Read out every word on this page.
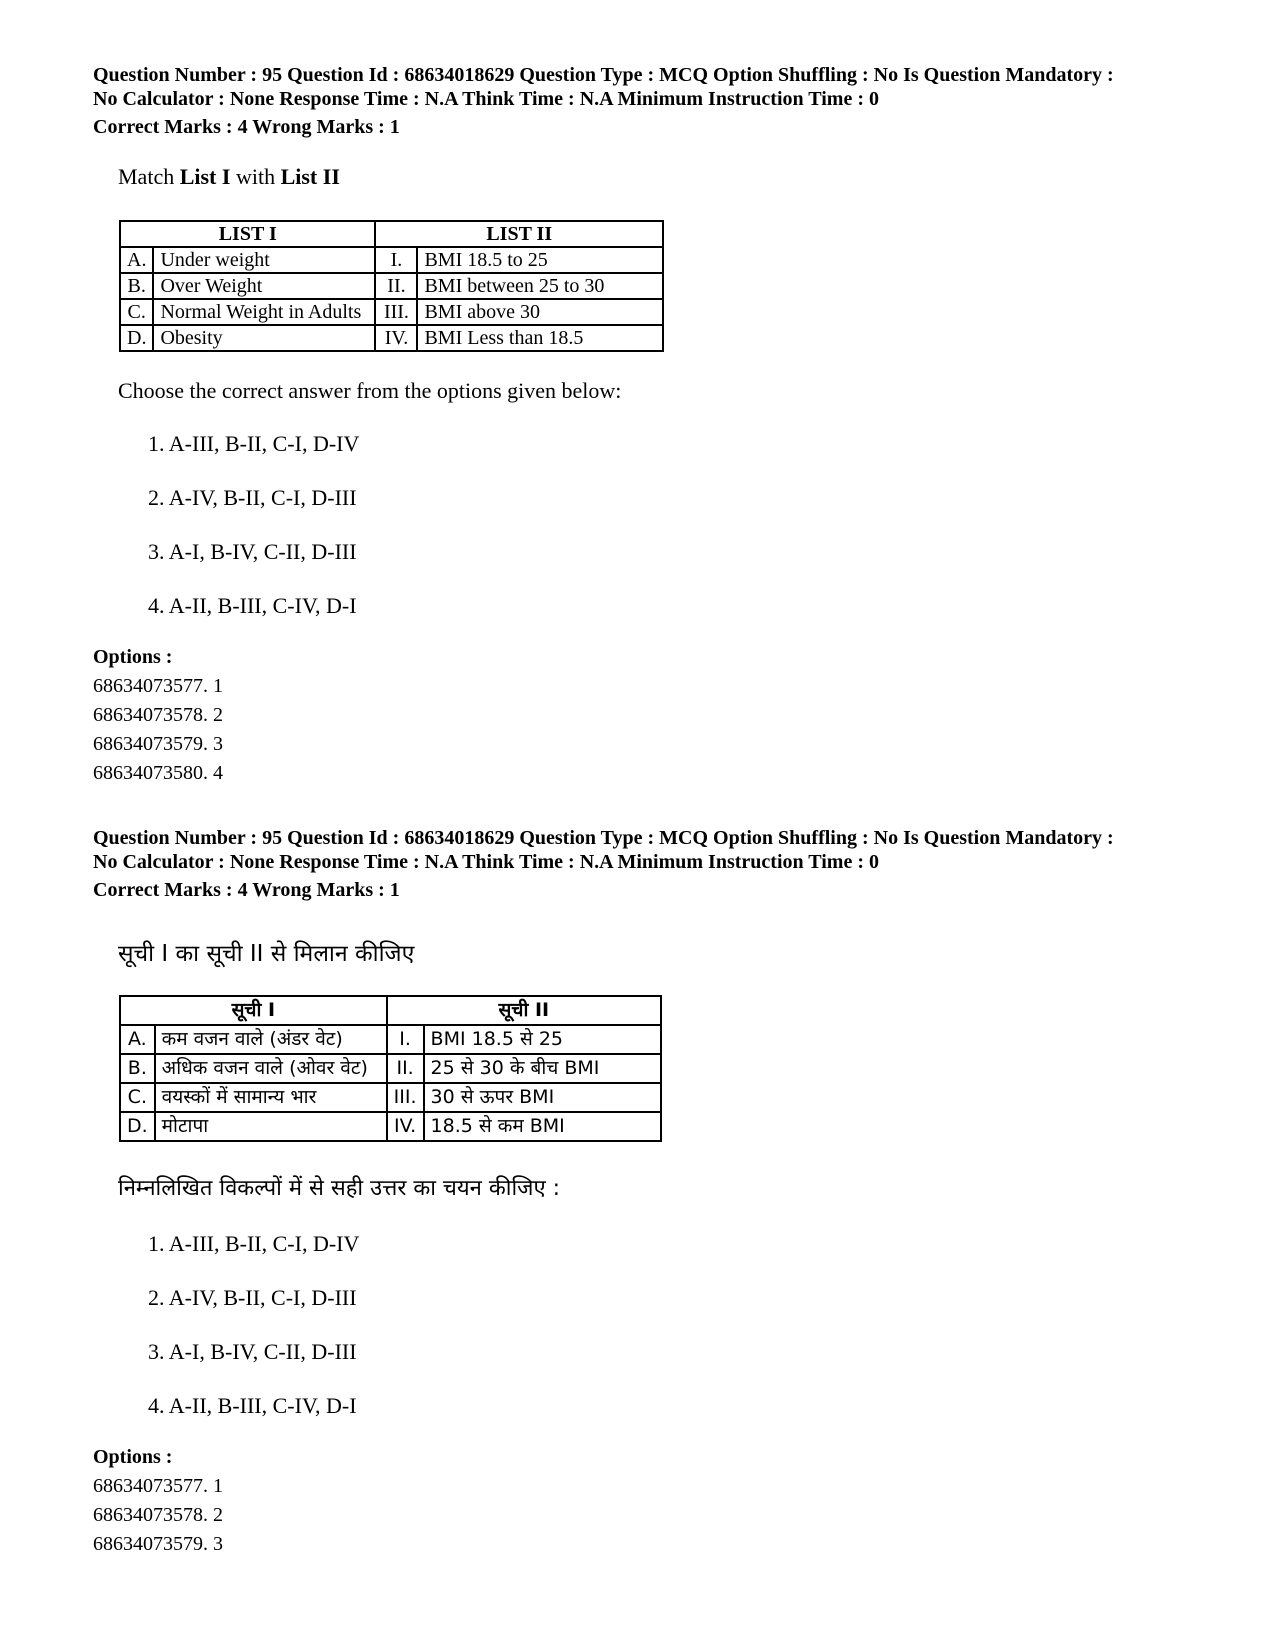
Question Number : 95 Question Id : 68634018629 Question Type : MCQ Option Shuffling : No Is Question Mandatory :
No Calculator : None Response Time : N.A Think Time : N.A Minimum Instruction Time : 0
Correct Marks : 4 Wrong Marks : 1
Match List I with List II
LIST I		LIST II	
A.	Under weight	I.	BMI 18.5 to 25
B.	Over Weight	II.	BMI between 25 to 30
C.	Normal Weight in Adults	III.	BMI above 30
D.	Obesity	IV.	BMI Less than 18.5
Choose the correct answer from the options given below:
1. A-III, B-II, C-I, D-IV
2. A-IV, B-II, C-I, D-III
3. A-I, B-IV, C-II, D-III
4. A-II, B-III, C-IV, D-I
Options :
68634073577. 1
68634073578. 2
68634073579. 3
68634073580. 4
Question Number : 95 Question Id : 68634018629 Question Type : MCQ Option Shuffling : No Is Question Mandatory :
No Calculator : None Response Time : N.A Think Time : N.A Minimum Instruction Time : 0
Correct Marks : 4 Wrong Marks : 1
सूची I का सूची II से मिलान कीजिए
सूची I		सूची II	
A.	कम वजन वाले (अंडर वेट)	I.	BMI 18.5 से 25
B.	अधिक वजन वाले (ओवर वेट)	II.	25 से 30 के बीच BMI
C.	वयस्कों में सामान्य भार	III.	30 से ऊपर BMI
D.	मोटापा	IV.	18.5 से कम BMI
निम्नलिखित विकल्पों में से सही उत्तर का चयन कीजिए :
1. A-III, B-II, C-I, D-IV
2. A-IV, B-II, C-I, D-III
3. A-I, B-IV, C-II, D-III
4. A-II, B-III, C-IV, D-I
Options :
68634073577. 1
68634073578. 2
68634073579. 3
